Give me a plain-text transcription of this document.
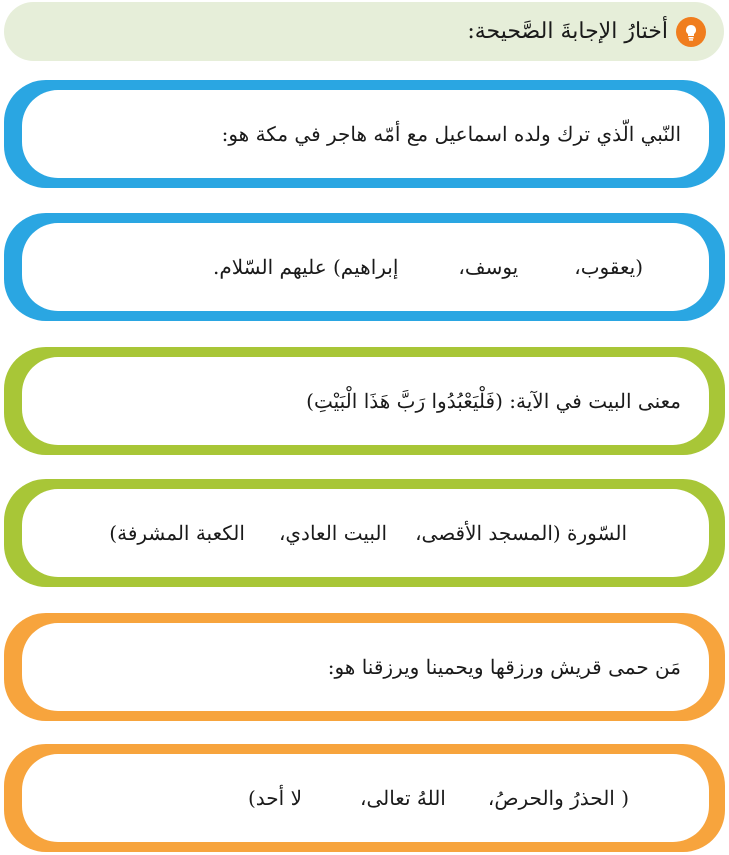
أختارُ الإجابةَ الصَّحيحة:
النّبي الّذي ترك ولده اسماعيل مع أمّه هاجر في مكة هو:
(يعقوب،
يوسف،
إبراهيم) عليهم السّلام.
معنى البيت في الآية: (فَلْيَعْبُدُوا رَبَّ هَذَا الْبَيْتِ)
السّورة (المسجد الأقصى،
البيت العادي،
الكعبة المشرفة)
مَن حمى قريش ورزقها ويحمينا ويرزقنا هو:
( الحذرُ والحرصُ،
اللهُ تعالى،
لا أحد)
